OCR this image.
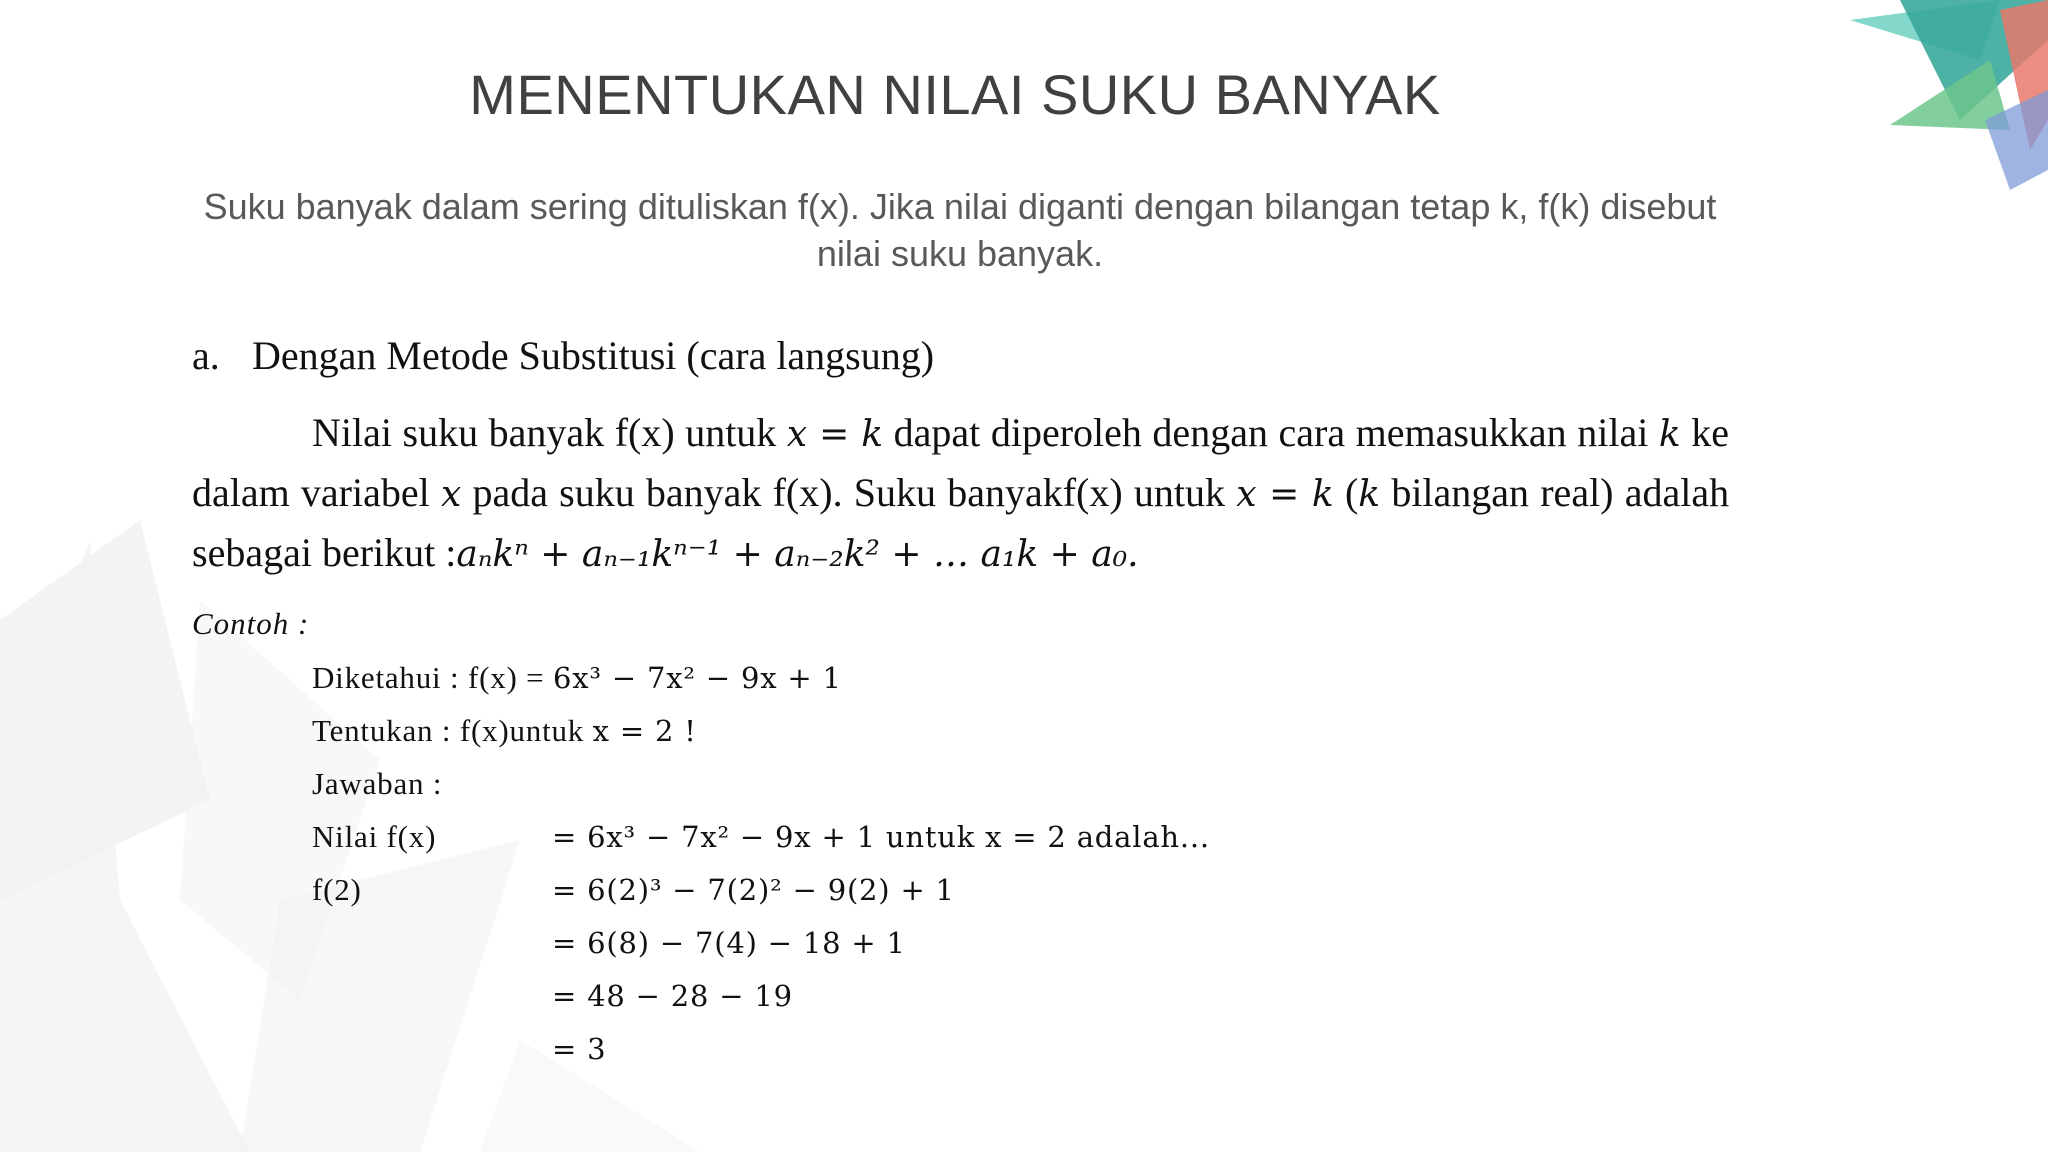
MENENTUKAN NILAI SUKU BANYAK
Suku banyak dalam sering dituliskan f(x). Jika nilai diganti dengan bilangan tetap k, f(k) disebut nilai suku banyak.
a. Dengan Metode Substitusi (cara langsung)
Nilai suku banyak f(x) untuk x = k dapat diperoleh dengan cara memasukkan nilai k ke dalam variabel x pada suku banyak f(x). Suku banyakf(x) untuk x = k (k bilangan real) adalah sebagai berikut :aₙkⁿ + aₙ₋₁kⁿ⁻¹ + aₙ₋₂k² + … a₁k + a₀.
Contoh :
Diketahui : f(x) = 6x³ − 7x² − 9x + 1
Tentukan : f(x)untuk x = 2 !
Jawaban :
Nilai f(x)	= 6x³ − 7x² − 9x + 1 untuk x = 2 adalah...
f(2)	= 6(2)³ − 7(2)² − 9(2) + 1
= 6(8) − 7(4) − 18 + 1
= 48 − 28 − 19
= 3
